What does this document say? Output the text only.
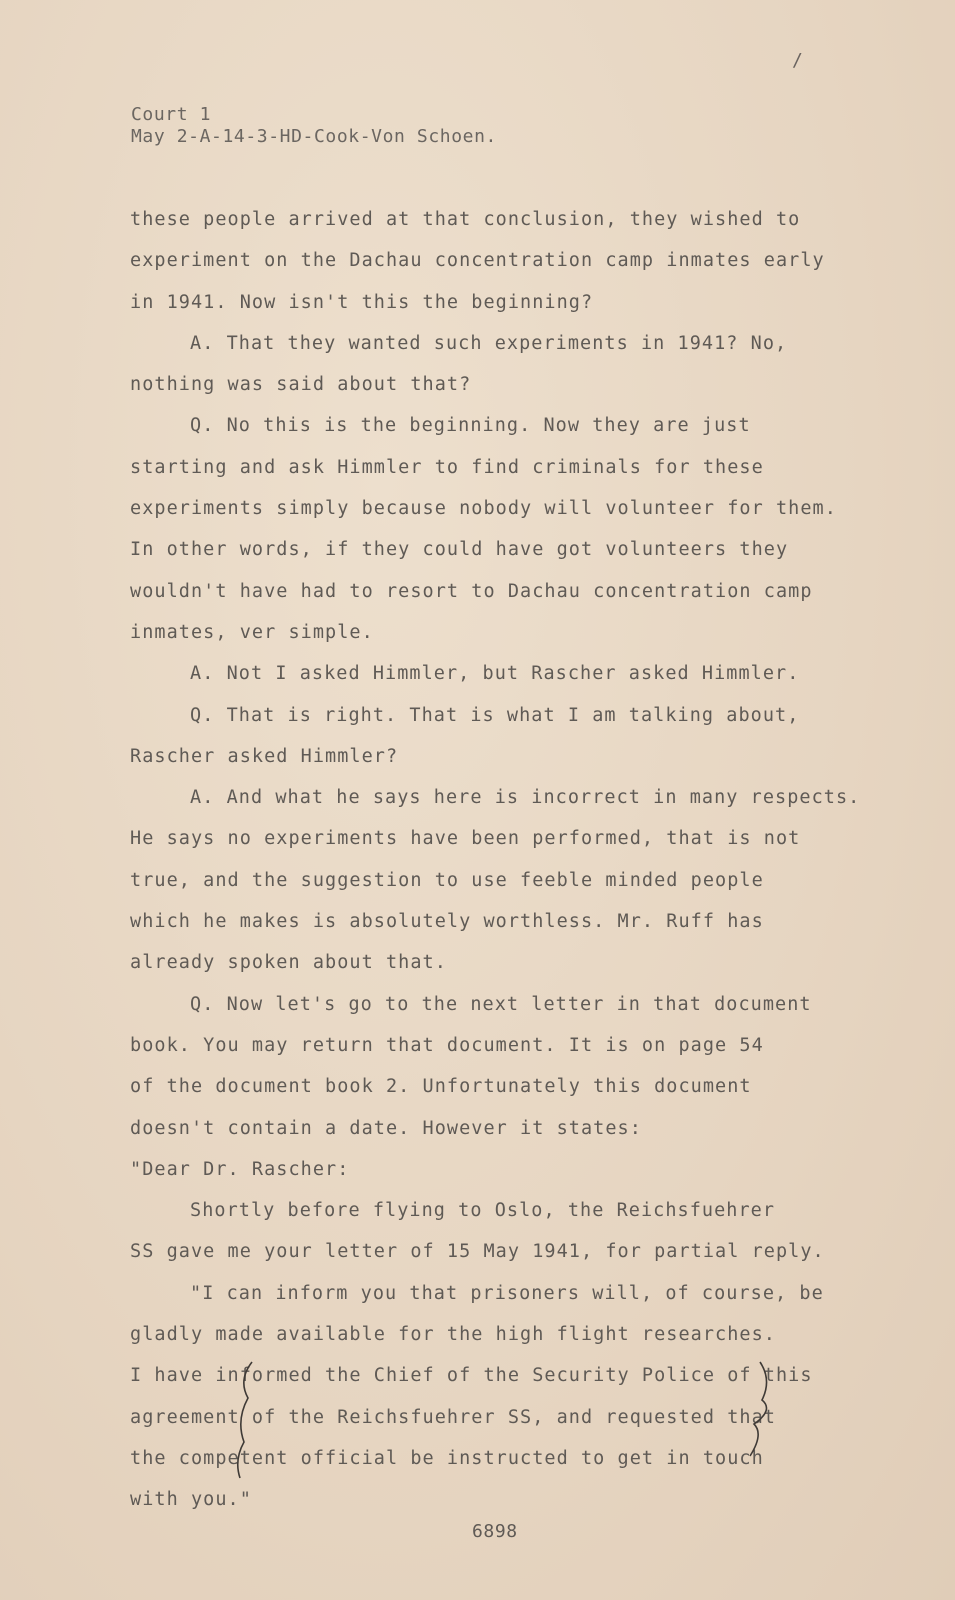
/
Court 1
May 2-A-14-3-HD-Cook-Von Schoen.
these people arrived at that conclusion, they wished to
experiment on the Dachau concentration camp inmates early
in 1941. Now isn't this the beginning?
A. That they wanted such experiments in 1941? No,
nothing was said about that?
Q. No this is the beginning. Now they are just
starting and ask Himmler to find criminals for these
experiments simply because nobody will volunteer for them.
In other words, if they could have got volunteers they
wouldn't have had to resort to Dachau concentration camp
inmates, ver simple.
A. Not I asked Himmler, but Rascher asked Himmler.
Q. That is right. That is what I am talking about,
Rascher asked Himmler?
A. And what he says here is incorrect in many respects.
He says no experiments have been performed, that is not
true, and the suggestion to use feeble minded people
which he makes is absolutely worthless. Mr. Ruff has
already spoken about that.
Q. Now let's go to the next letter in that document
book. You may return that document. It is on page 54
of the document book 2. Unfortunately this document
doesn't contain a date. However it states:
"Dear Dr. Rascher:
Shortly before flying to Oslo, the Reichsfuehrer
SS gave me your letter of 15 May 1941, for partial reply.
"I can inform you that prisoners will, of course, be
gladly made available for the high flight researches.
I have informed the Chief of the Security Police of this
agreement of the Reichsfuehrer SS, and requested that
the competent official be instructed to get in touch
with you."
6898
